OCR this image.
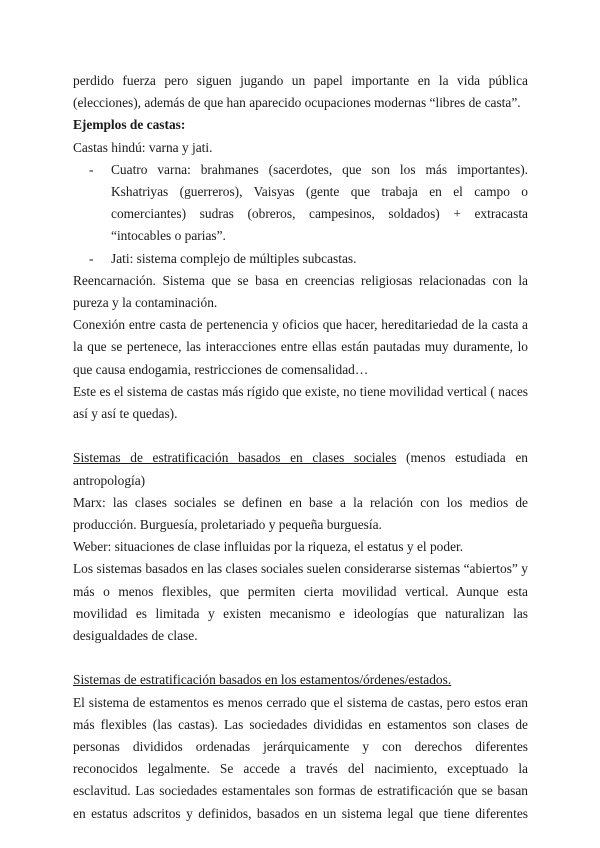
perdido fuerza pero siguen jugando un papel importante en la vida pública (elecciones), además de que han aparecido ocupaciones modernas “libres de casta”.

Ejemplos de castas:

Castas hindú: varna y jati.

- Cuatro varna: brahmanes (sacerdotes, que son los más importantes). Kshatriyas (guerreros), Vaisyas (gente que trabaja en el campo o comerciantes) sudras (obreros, campesinos, soldados) + extracasta “intocables o parias”.

- Jati: sistema complejo de múltiples subcastas.

Reencarnación. Sistema que se basa en creencias religiosas relacionadas con la pureza y la contaminación.

Conexión entre casta de pertenencia y oficios que hacer, hereditariedad de la casta a la que se pertenece, las interacciones entre ellas están pautadas muy duramente, lo que causa endogamia, restricciones de comensalidad…

Este es el sistema de castas más rígido que existe, no tiene movilidad vertical ( naces así y así te quedas).

Sistemas de estratificación basados en clases sociales (menos estudiada en antropología)

Marx: las clases sociales se definen en base a la relación con los medios de producción. Burguesía, proletariado y pequeña burguesía.

Weber: situaciones de clase influidas por la riqueza, el estatus y el poder.

Los sistemas basados en las clases sociales suelen considerarse sistemas “abiertos” y más o menos flexibles, que permiten cierta movilidad vertical. Aunque esta movilidad es limitada y existen mecanismo e ideologías que naturalizan las desigualdades de clase.

Sistemas de estratificación basados en los estamentos/órdenes/estados.

El sistema de estamentos es menos cerrado que el sistema de castas, pero estos eran más flexibles (las castas). Las sociedades divididas en estamentos son clases de personas divididos ordenadas jerárquicamente y con derechos diferentes reconocidos legalmente. Se accede a través del nacimiento, exceptuado la esclavitud. Las sociedades estamentales son formas de estratificación que se basan en estatus adscritos y definidos, basados en un sistema legal que tiene diferentes
